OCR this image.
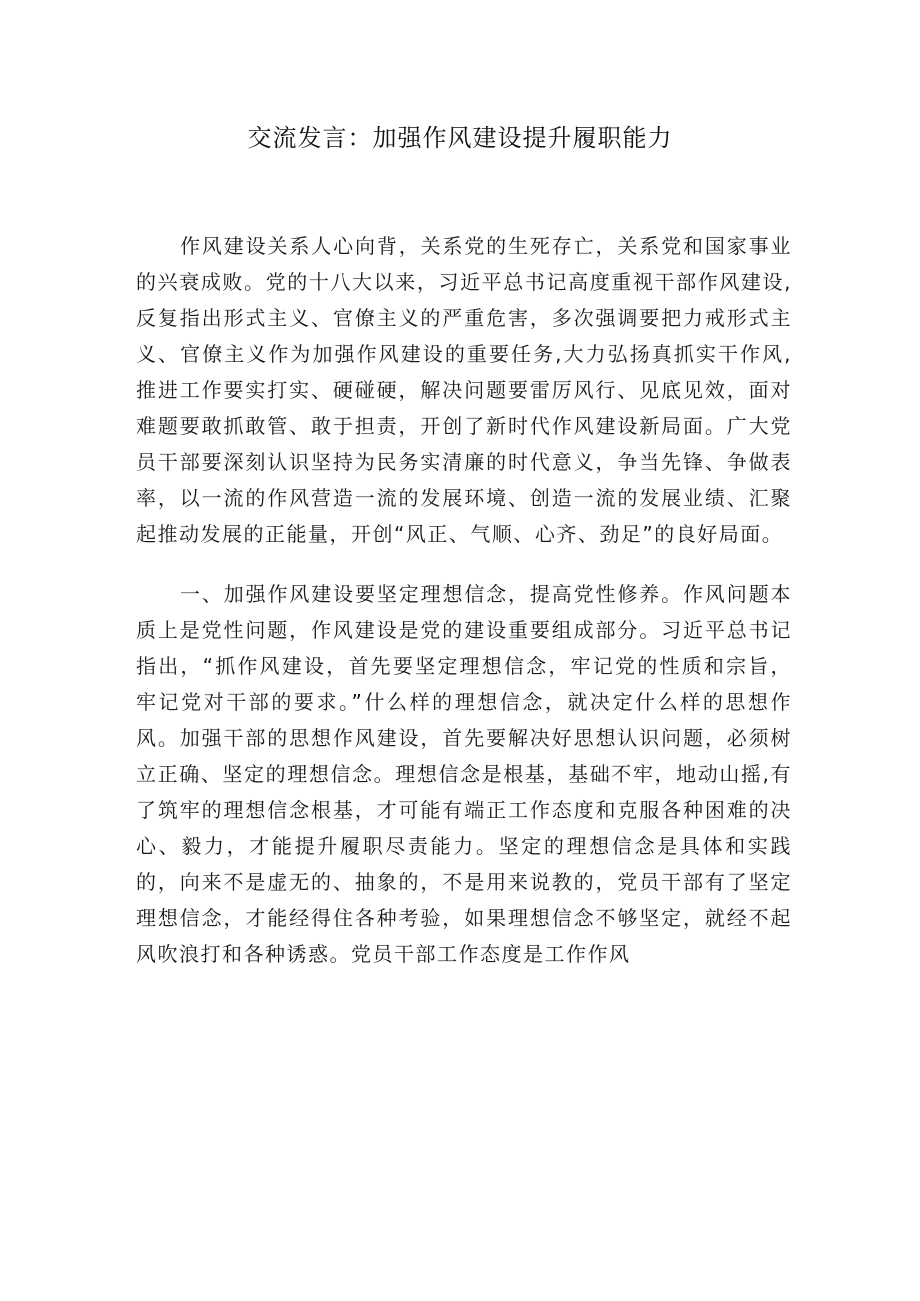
交流发言：加强作风建设提升履职能力

作风建设关系人心向背，关系党的生死存亡，关系党和国家事业的兴衰成败。党的十八大以来，习近平总书记高度重视干部作风建设,反复指出形式主义、官僚主义的严重危害，多次强调要把力戒形式主义、官僚主义作为加强作风建设的重要任务,大力弘扬真抓实干作风,推进工作要实打实、硬碰硬，解决问题要雷厉风行、见底见效，面对难题要敢抓敢管、敢于担责，开创了新时代作风建设新局面。广大党员干部要深刻认识坚持为民务实清廉的时代意义，争当先锋、争做表率，以一流的作风营造一流的发展环境、创造一流的发展业绩、汇聚起推动发展的正能量，开创“风正、气顺、心齐、劲足”的良好局面。

一、加强作风建设要坚定理想信念，提高党性修养。作风问题本质上是党性问题，作风建设是党的建设重要组成部分。习近平总书记指出，“抓作风建设，首先要坚定理想信念，牢记党的性质和宗旨，牢记党对干部的要求。”什么样的理想信念，就决定什么样的思想作风。加强干部的思想作风建设，首先要解决好思想认识问题，必须树立正确、坚定的理想信念。理想信念是根基，基础不牢，地动山摇,有了筑牢的理想信念根基，才可能有端正工作态度和克服各种困难的决心、毅力，才能提升履职尽责能力。坚定的理想信念是具体和实践的，向来不是虚无的、抽象的，不是用来说教的，党员干部有了坚定理想信念，才能经得住各种考验，如果理想信念不够坚定，就经不起风吹浪打和各种诱惑。党员干部工作态度是工作作风
